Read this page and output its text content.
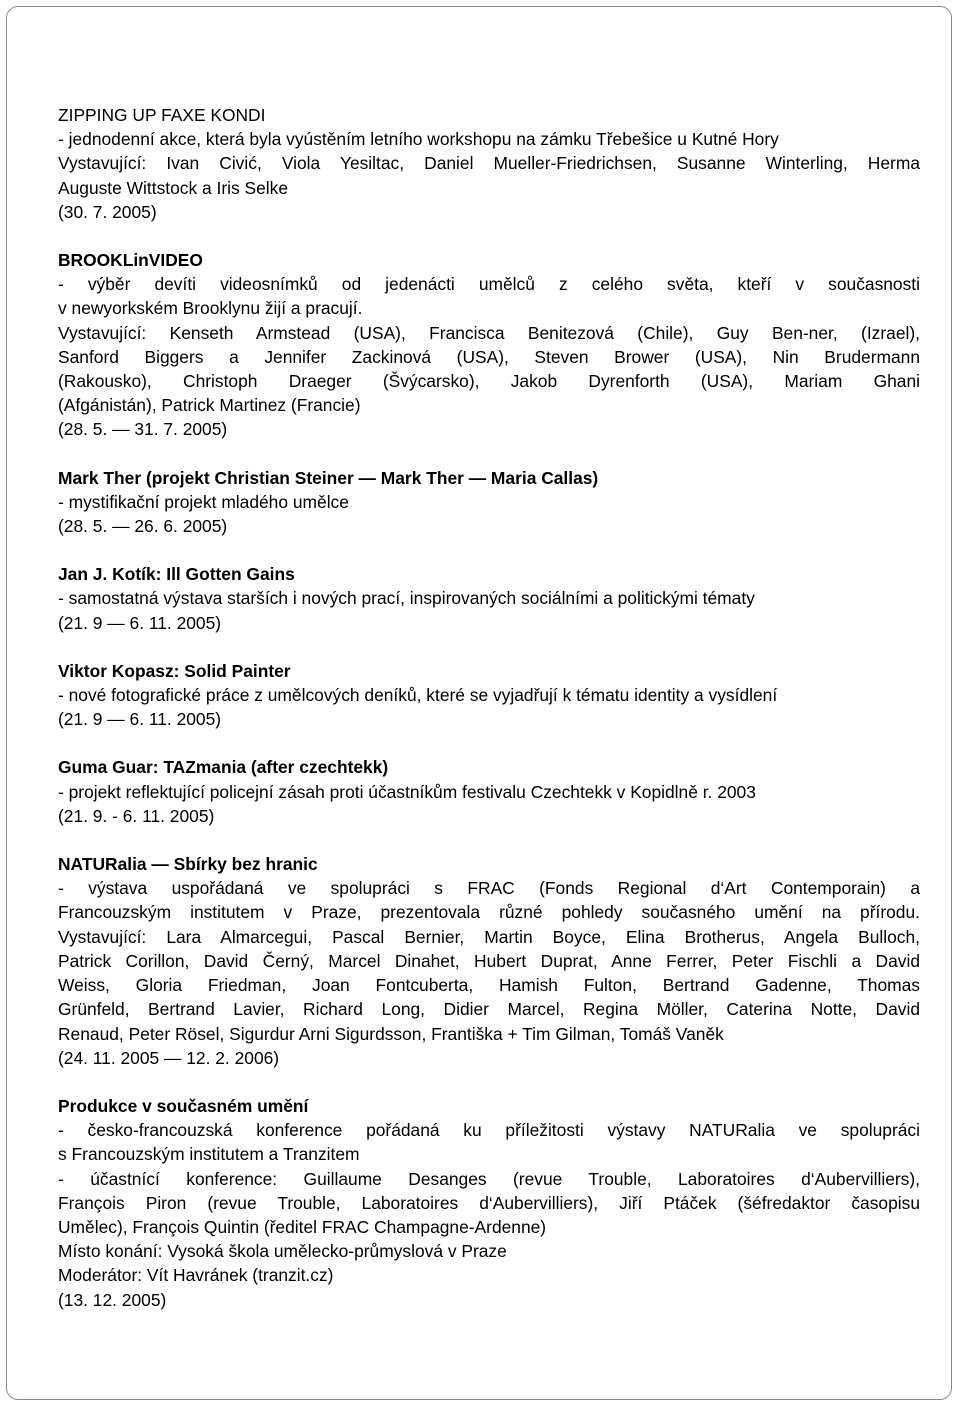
ZIPPING UP FAXE KONDI
- jednodenní akce, která byla vyústěním letního workshopu na zámku Třebešice u Kutné Hory
Vystavující: Ivan Civić, Viola Yesiltac, Daniel Mueller-Friedrichsen, Susanne Winterling, Herma
Auguste Wittstock a Iris Selke
(30. 7. 2005)
BROOKLinVIDEO
- výběr devíti videosnímků od jedenácti umělců z celého světa, kteří v současnosti
v newyorkském Brooklynu žijí a pracují.
Vystavující: Kenseth Armstead (USA), Francisca Benitezová (Chile), Guy Ben-ner, (Izrael),
Sanford Biggers a Jennifer Zackinová (USA), Steven Brower (USA), Nin Brudermann
(Rakousko), Christoph Draeger (Švýcarsko), Jakob Dyrenforth (USA), Mariam Ghani
(Afgánistán), Patrick Martinez (Francie)
(28. 5. — 31. 7. 2005)
Mark Ther (projekt Christian Steiner — Mark Ther — Maria Callas)
- mystifikační projekt mladého umělce
(28. 5. — 26. 6. 2005)
Jan J. Kotík: Ill Gotten Gains
- samostatná výstava starších i nových prací, inspirovaných sociálními a politickými tématy
(21. 9 — 6. 11. 2005)
Viktor Kopasz: Solid Painter
- nové fotografické práce z umělcových deníků, které se vyjadřují k tématu identity a vysídlení
(21. 9 — 6. 11. 2005)
Guma Guar: TAZmania (after czechtekk)
- projekt reflektující policejní zásah proti účastníkům festivalu Czechtekk v Kopidlně r. 2003
(21. 9. - 6. 11. 2005)
NATURalia — Sbírky bez hranic
- výstava uspořádaná ve spolupráci s FRAC (Fonds Regional d‘Art Contemporain) a
Francouzským institutem v Praze, prezentovala různé pohledy současného umění na přírodu.
Vystavující: Lara Almarcegui, Pascal Bernier, Martin Boyce, Elina Brotherus, Angela Bulloch,
Patrick Corillon, David Černý, Marcel Dinahet, Hubert Duprat, Anne Ferrer, Peter Fischli a David
Weiss, Gloria Friedman, Joan Fontcuberta, Hamish Fulton, Bertrand Gadenne, Thomas
Grünfeld, Bertrand Lavier, Richard Long, Didier Marcel, Regina Möller, Caterina Notte, David
Renaud, Peter Rösel, Sigurdur Arni Sigurdsson, Františka + Tim Gilman, Tomáš Vaněk
(24. 11. 2005 — 12. 2. 2006)
Produkce v současném umění
- česko-francouzská konference pořádaná ku příležitosti výstavy NATURalia ve spolupráci
s Francouzským institutem a Tranzitem
- účastnící konference: Guillaume Desanges (revue Trouble, Laboratoires d‘Aubervilliers),
François Piron (revue Trouble, Laboratoires d‘Aubervilliers), Jiří Ptáček (šéfredaktor časopisu
Umělec), François Quintin (ředitel FRAC Champagne-Ardenne)
Místo konání: Vysoká škola umělecko-průmyslová v Praze
Moderátor: Vít Havránek (tranzit.cz)
(13. 12. 2005)
